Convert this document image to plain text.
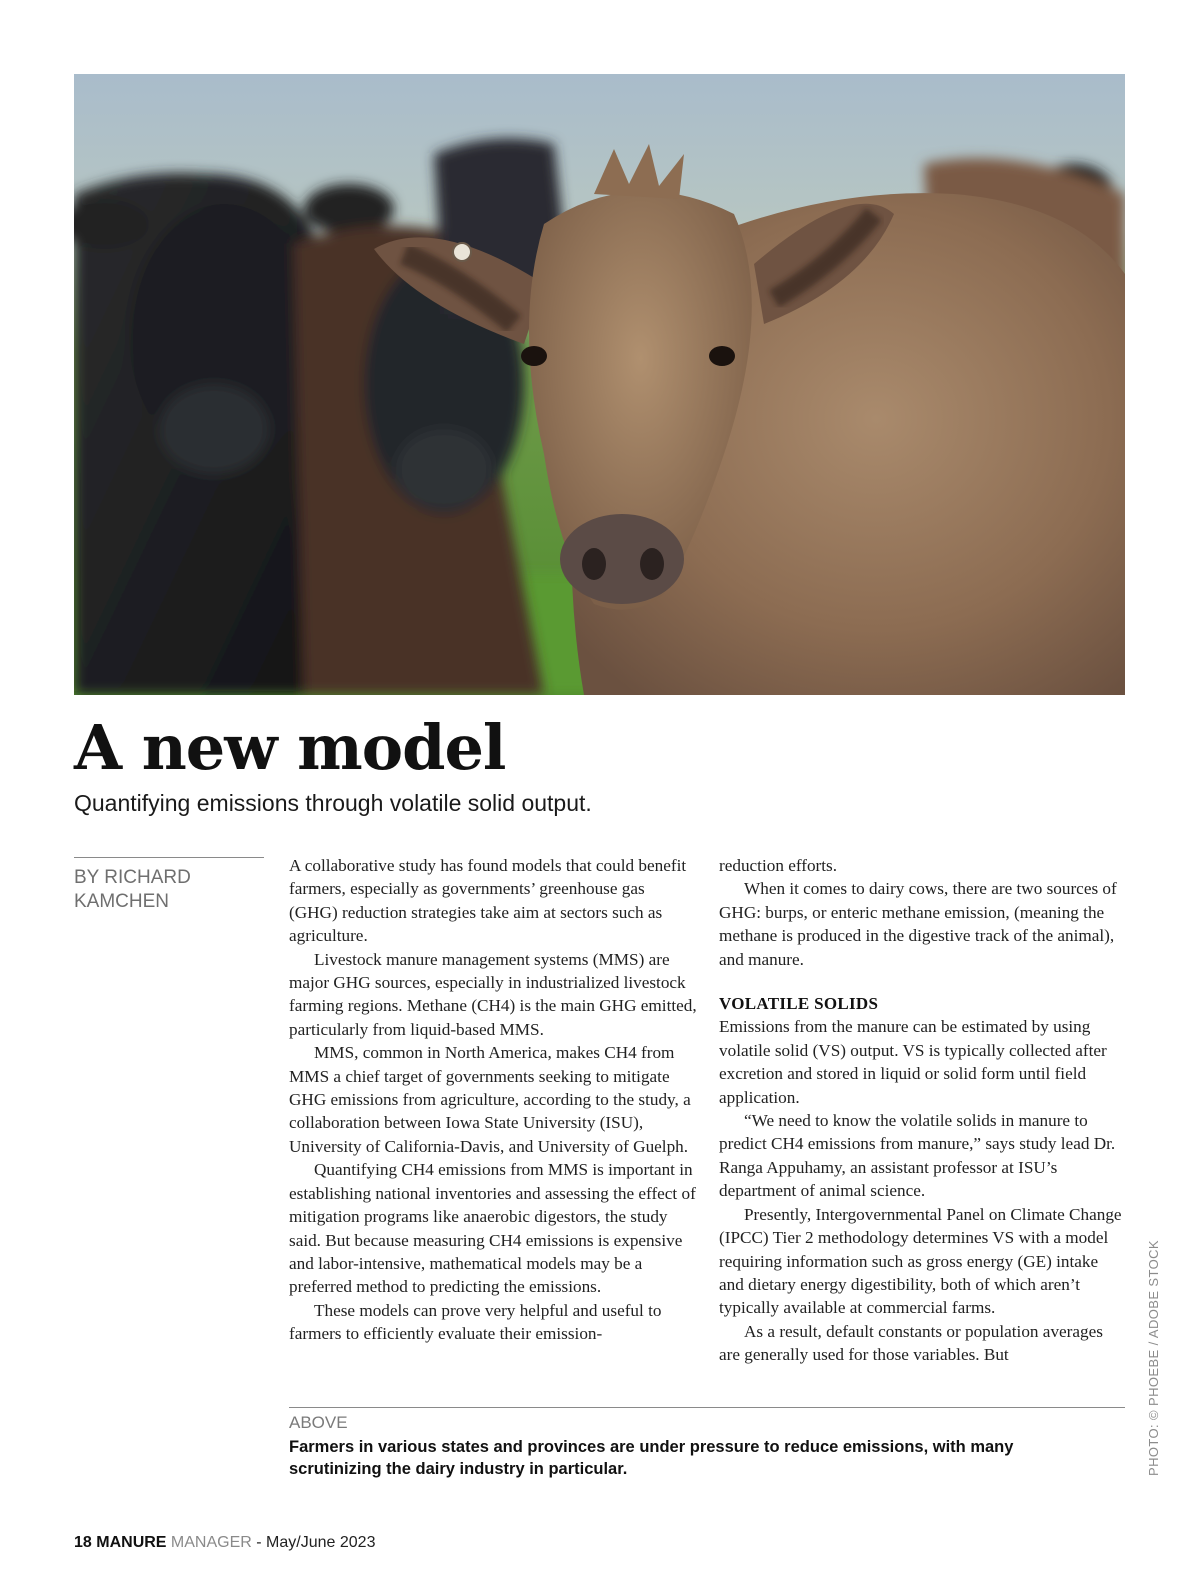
A new model

Quantifying emissions through volatile solid output.

BY RICHARD KAMCHEN

A collaborative study has found models that could benefit farmers, especially as governments’ greenhouse gas (GHG) reduction strategies take aim at sectors such as agriculture.

Livestock manure management systems (MMS) are major GHG sources, especially in industrialized livestock farming regions. Methane (CH4) is the main GHG emitted, particularly from liquid-based MMS.

MMS, common in North America, makes CH4 from MMS a chief target of governments seeking to mitigate GHG emissions from agriculture, according to the study, a collaboration between Iowa State University (ISU), University of California-Davis, and University of Guelph.

Quantifying CH4 emissions from MMS is important in establishing national inventories and assessing the effect of mitigation programs like anaerobic digestors, the study said. But because measuring CH4 emissions is expensive and labor-intensive, mathematical models may be a preferred method to predicting the emissions.

These models can prove very helpful and useful to farmers to efficiently evaluate their emission-

reduction efforts.

When it comes to dairy cows, there are two sources of GHG: burps, or enteric methane emission, (meaning the methane is produced in the digestive track of the animal), and manure.

VOLATILE SOLIDS

Emissions from the manure can be estimated by using volatile solid (VS) output. VS is typically collected after excretion and stored in liquid or solid form until field application.

“We need to know the volatile solids in manure to predict CH4 emissions from manure,” says study lead Dr. Ranga Appuhamy, an assistant professor at ISU’s department of animal science.

Presently, Intergovernmental Panel on Climate Change (IPCC) Tier 2 methodology determines VS with a model requiring information such as gross energy (GE) intake and dietary energy digestibility, both of which aren’t typically available at commercial farms.

As a result, default constants or population averages are generally used for those variables. But

ABOVE
Farmers in various states and provinces are under pressure to reduce emissions, with many scrutinizing the dairy industry in particular.	PHOTO: © PHOEBE / ADOBE STOCK
18 MANURE MANAGER - May/June 2023
